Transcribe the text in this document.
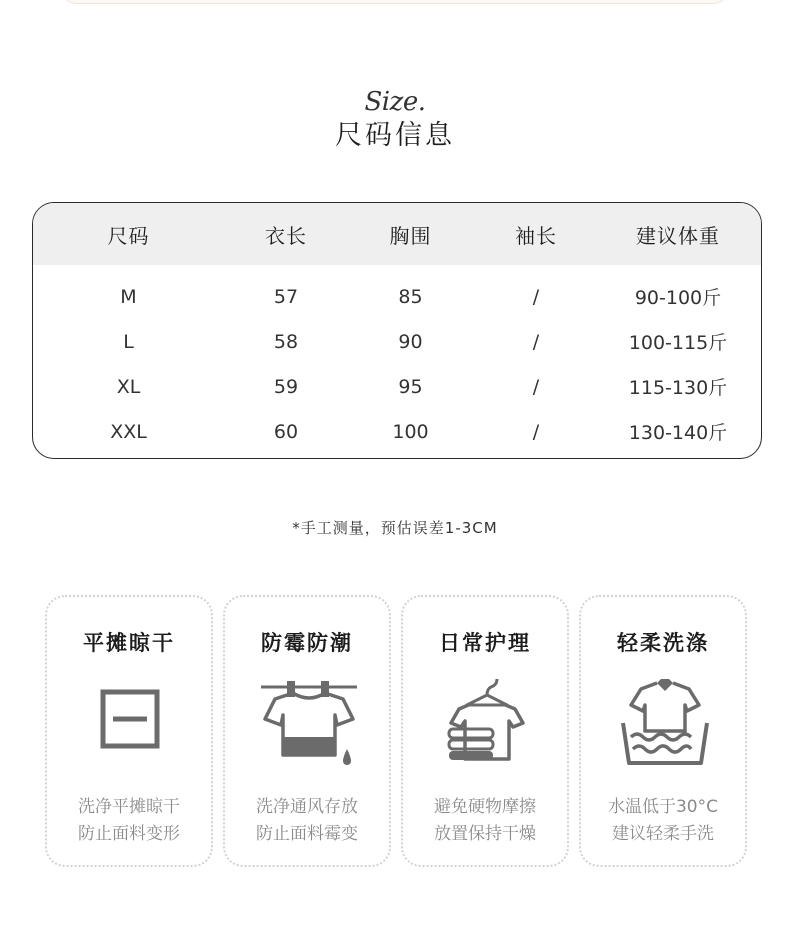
Size.
尺码信息
尺码	衣长	胸围	袖长	建议体重
M	57	85	/	90-100斤
L	58	90	/	100-115斤
XL	59	95	/	115-130斤
XXL	60	100	/	130-140斤
*手工测量，预估误差1-3CM
平摊晾干
洗净平摊晾干
防止面料变形
防霉防潮
洗净通风存放
防止面料霉变
日常护理
避免硬物摩擦
放置保持干燥
轻柔洗涤
水温低于30°C
建议轻柔手洗
